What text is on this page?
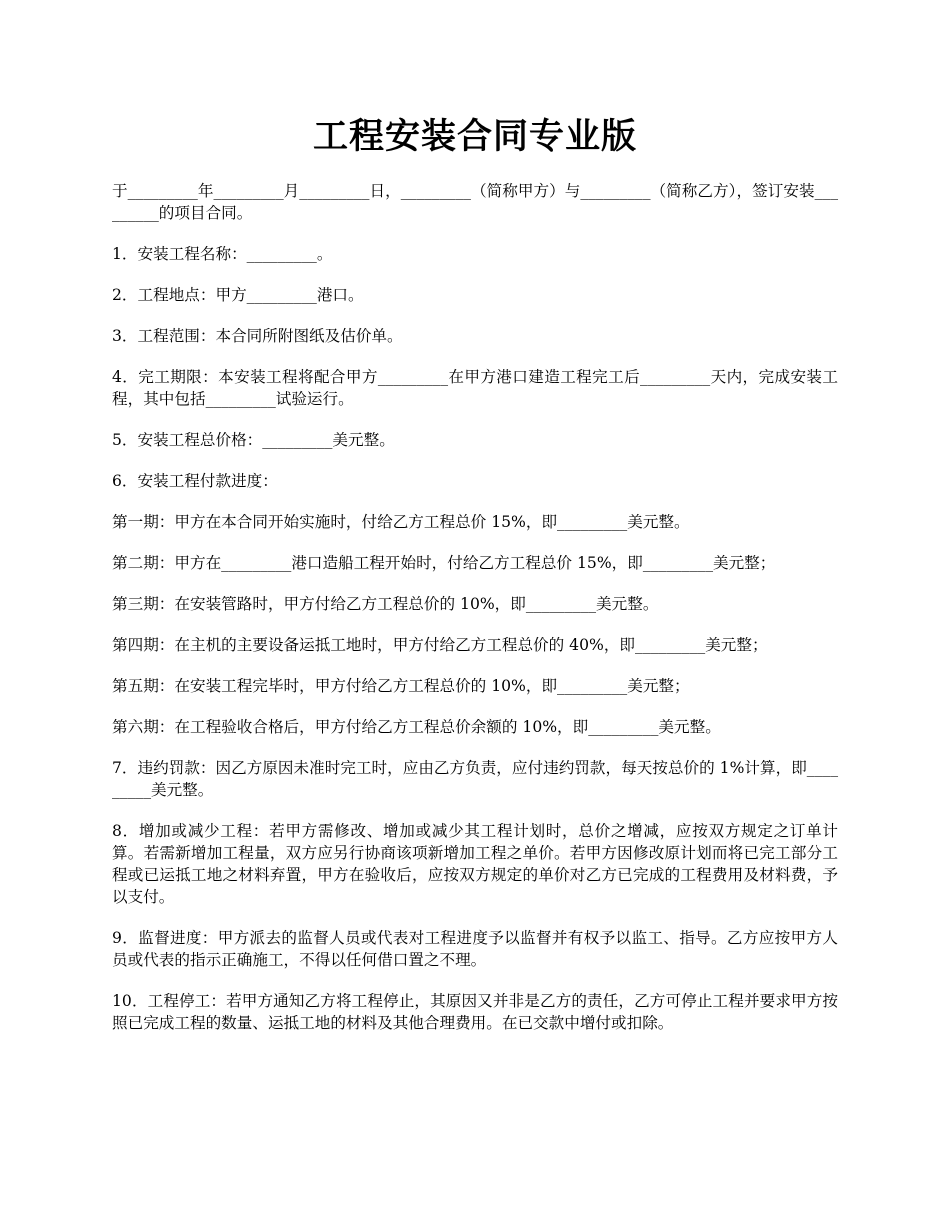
工程安装合同专业版

于_________年_________月_________日，_________（简称甲方）与_________（简称乙方），签订安装_________的项目合同。

1．安装工程名称：_________。

2．工程地点：甲方_________港口。

3．工程范围：本合同所附图纸及估价单。

4．完工期限：本安装工程将配合甲方_________在甲方港口建造工程完工后_________天内，完成安装工程，其中包括_________试验运行。

5．安装工程总价格：_________美元整。

6．安装工程付款进度：

第一期：甲方在本合同开始实施时，付给乙方工程总价 15%，即_________美元整。

第二期：甲方在_________港口造船工程开始时，付给乙方工程总价 15%，即_________美元整；

第三期：在安装管路时，甲方付给乙方工程总价的 10%，即_________美元整。

第四期：在主机的主要设备运抵工地时，甲方付给乙方工程总价的 40%，即_________美元整；

第五期：在安装工程完毕时，甲方付给乙方工程总价的 10%，即_________美元整；

第六期：在工程验收合格后，甲方付给乙方工程总价余额的 10%，即_________美元整。

7．违约罚款：因乙方原因未准时完工时，应由乙方负责，应付违约罚款，每天按总价的 1%计算，即_________美元整。

8．增加或减少工程：若甲方需修改、增加或减少其工程计划时，总价之增减，应按双方规定之订单计算。若需新增加工程量，双方应另行协商该项新增加工程之单价。若甲方因修改原计划而将已完工部分工程或已运抵工地之材料弃置，甲方在验收后，应按双方规定的单价对乙方已完成的工程费用及材料费，予以支付。

9．监督进度：甲方派去的监督人员或代表对工程进度予以监督并有权予以监工、指导。乙方应按甲方人员或代表的指示正确施工，不得以任何借口置之不理。

10．工程停工：若甲方通知乙方将工程停止，其原因又并非是乙方的责任，乙方可停止工程并要求甲方按照已完成工程的数量、运抵工地的材料及其他合理费用。在已交款中增付或扣除。
